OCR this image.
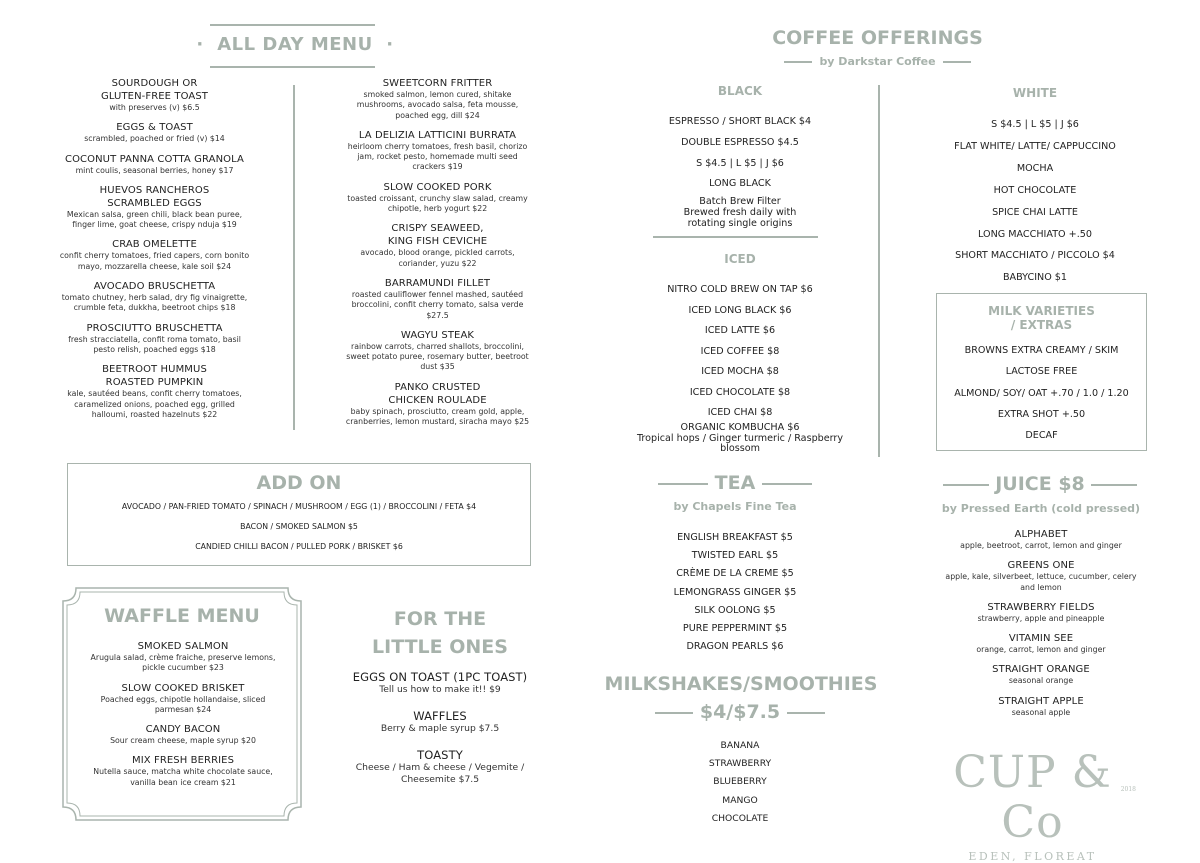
· ALL DAY MENU ·
SOURDOUGH OR
GLUTEN-FREE TOAST
with preserves (v) $6.5
EGGS & TOAST
scrambled, poached or fried (v) $14
COCONUT PANNA COTTA GRANOLA
mint coulis, seasonal berries, honey $17
HUEVOS RANCHEROS
SCRAMBLED EGGS
Mexican salsa, green chili, black bean puree,
finger lime, goat cheese, crispy nduja $19
CRAB OMELETTE
confit cherry tomatoes, fried capers, corn bonito
mayo, mozzarella cheese, kale soil $24
AVOCADO BRUSCHETTA
tomato chutney, herb salad, dry fig vinaigrette,
crumble feta, dukkha, beetroot chips $18
PROSCIUTTO BRUSCHETTA
fresh stracciatella, confit roma tomato, basil
pesto relish, poached eggs $18
BEETROOT HUMMUS
ROASTED PUMPKIN
kale, sautéed beans, confit cherry tomatoes,
caramelized onions, poached egg, grilled
halloumi, roasted hazelnuts $22
SWEETCORN FRITTER
smoked salmon, lemon cured, shitake
mushrooms, avocado salsa, feta mousse,
poached egg, dill $24
LA DELIZIA LATTICINI BURRATA
heirloom cherry tomatoes, fresh basil, chorizo
jam, rocket pesto, homemade multi seed
crackers $19
SLOW COOKED PORK
toasted croissant, crunchy slaw salad, creamy
chipotle, herb yogurt $22
CRISPY SEAWEED,
KING FISH CEVICHE
avocado, blood orange, pickled carrots,
coriander, yuzu $22
BARRAMUNDI FILLET
roasted cauliflower fennel mashed, sautéed
broccolini, confit cherry tomato, salsa verde
$27.5
WAGYU STEAK
rainbow carrots, charred shallots, broccolini,
sweet potato puree, rosemary butter, beetroot
dust $35
PANKO CRUSTED
CHICKEN ROULADE
baby spinach, prosciutto, cream gold, apple,
cranberries, lemon mustard, siracha mayo $25
ADD ON
AVOCADO / PAN-FRIED TOMATO / SPINACH / MUSHROOM / EGG (1) / BROCCOLINI / FETA $4
BACON / SMOKED SALMON $5
CANDIED CHILLI BACON / PULLED PORK / BRISKET $6
WAFFLE MENU
SMOKED SALMON
Arugula salad, crème fraiche, preserve lemons,
pickle cucumber $23
SLOW COOKED BRISKET
Poached eggs, chipotle hollandaise, sliced
parmesan $24
CANDY BACON
Sour cream cheese, maple syrup $20
MIX FRESH BERRIES
Nutella sauce, matcha white chocolate sauce,
vanilla bean ice cream $21
FOR THE
LITTLE ONES
EGGS ON TOAST (1PC TOAST)
Tell us how to make it!! $9
WAFFLES
Berry & maple syrup $7.5
TOASTY
Cheese / Ham & cheese / Vegemite /
Cheesemite $7.5
COFFEE OFFERINGS
by Darkstar Coffee
BLACK
ESPRESSO / SHORT BLACK $4
DOUBLE ESPRESSO $4.5
S $4.5 | L $5 | J $6
LONG BLACK
Batch Brew Filter
Brewed fresh daily with
rotating single origins
ICED
NITRO COLD BREW ON TAP $6
ICED LONG BLACK $6
ICED LATTE $6
ICED COFFEE $8
ICED MOCHA $8
ICED CHOCOLATE $8
ICED CHAI $8
ORGANIC KOMBUCHA $6
Tropical hops / Ginger turmeric / Raspberry
blossom
WHITE
S $4.5 | L $5 | J $6
FLAT WHITE/ LATTE/ CAPPUCCINO
MOCHA
HOT CHOCOLATE
SPICE CHAI LATTE
LONG MACCHIATO +.50
SHORT MACCHIATO / PICCOLO $4
BABYCINO $1
MILK VARIETIES
/ EXTRAS
BROWNS EXTRA CREAMY / SKIM
LACTOSE FREE
ALMOND/ SOY/ OAT +.70 / 1.0 / 1.20
EXTRA SHOT +.50
DECAF
TEA
by Chapels Fine Tea
ENGLISH BREAKFAST $5
TWISTED EARL $5
CRÈME DE LA CREME $5
LEMONGRASS GINGER $5
SILK OOLONG $5
PURE PEPPERMINT $5
DRAGON PEARLS $6
MILKSHAKES/SMOOTHIES
$4/$7.5
BANANA
STRAWBERRY
BLUEBERRY
MANGO
CHOCOLATE
JUICE $8
by Pressed Earth (cold pressed)
ALPHABET
apple, beetroot, carrot, lemon and ginger
GREENS ONE
apple, kale, silverbeet, lettuce, cucumber, celery
and lemon
STRAWBERRY FIELDS
strawberry, apple and pineapple
VITAMIN SEE
orange, carrot, lemon and ginger
STRAIGHT ORANGE
seasonal orange
STRAIGHT APPLE
seasonal apple
CUP & Co
2018
EDEN, FLOREAT
